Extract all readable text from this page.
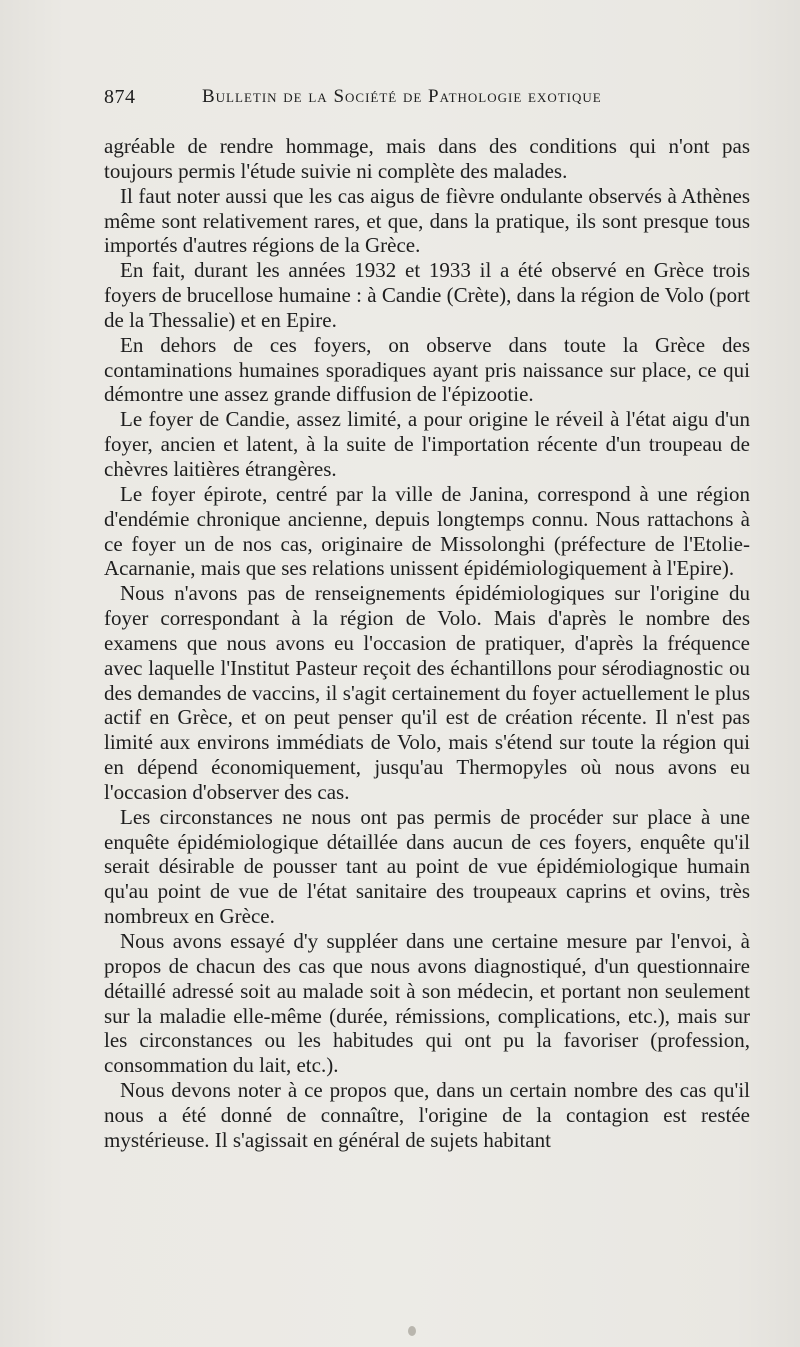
874	Bulletin de la Société de Pathologie exotique

agréable de rendre hommage, mais dans des conditions qui n'ont pas toujours permis l'étude suivie ni complète des malades.

Il faut noter aussi que les cas aigus de fièvre ondulante observés à Athènes même sont relativement rares, et que, dans la pratique, ils sont presque tous importés d'autres régions de la Grèce.

En fait, durant les années 1932 et 1933 il a été observé en Grèce trois foyers de brucellose humaine : à Candie (Crète), dans la région de Volo (port de la Thessalie) et en Epire.

En dehors de ces foyers, on observe dans toute la Grèce des contaminations humaines sporadiques ayant pris naissance sur place, ce qui démontre une assez grande diffusion de l'épizootie.

Le foyer de Candie, assez limité, a pour origine le réveil à l'état aigu d'un foyer, ancien et latent, à la suite de l'importation récente d'un troupeau de chèvres laitières étrangères.

Le foyer épirote, centré par la ville de Janina, correspond à une région d'endémie chronique ancienne, depuis longtemps connu. Nous rattachons à ce foyer un de nos cas, originaire de Missolonghi (préfecture de l'Etolie-Acarnanie, mais que ses relations unissent épidémiologiquement à l'Epire).

Nous n'avons pas de renseignements épidémiologiques sur l'origine du foyer correspondant à la région de Volo. Mais d'après le nombre des examens que nous avons eu l'occasion de pratiquer, d'après la fréquence avec laquelle l'Institut Pasteur reçoit des échantillons pour sérodiagnostic ou des demandes de vaccins, il s'agit certainement du foyer actuellement le plus actif en Grèce, et on peut penser qu'il est de création récente. Il n'est pas limité aux environs immédiats de Volo, mais s'étend sur toute la région qui en dépend économiquement, jusqu'au Thermopyles où nous avons eu l'occasion d'observer des cas.

Les circonstances ne nous ont pas permis de procéder sur place à une enquête épidémiologique détaillée dans aucun de ces foyers, enquête qu'il serait désirable de pousser tant au point de vue épidémiologique humain qu'au point de vue de l'état sanitaire des troupeaux caprins et ovins, très nombreux en Grèce.

Nous avons essayé d'y suppléer dans une certaine mesure par l'envoi, à propos de chacun des cas que nous avons diagnostiqué, d'un questionnaire détaillé adressé soit au malade soit à son médecin, et portant non seulement sur la maladie elle-même (durée, rémissions, complications, etc.), mais sur les circonstances ou les habitudes qui ont pu la favoriser (profession, consommation du lait, etc.).

Nous devons noter à ce propos que, dans un certain nombre des cas qu'il nous a été donné de connaître, l'origine de la contagion est restée mystérieuse. Il s'agissait en général de sujets habitant
